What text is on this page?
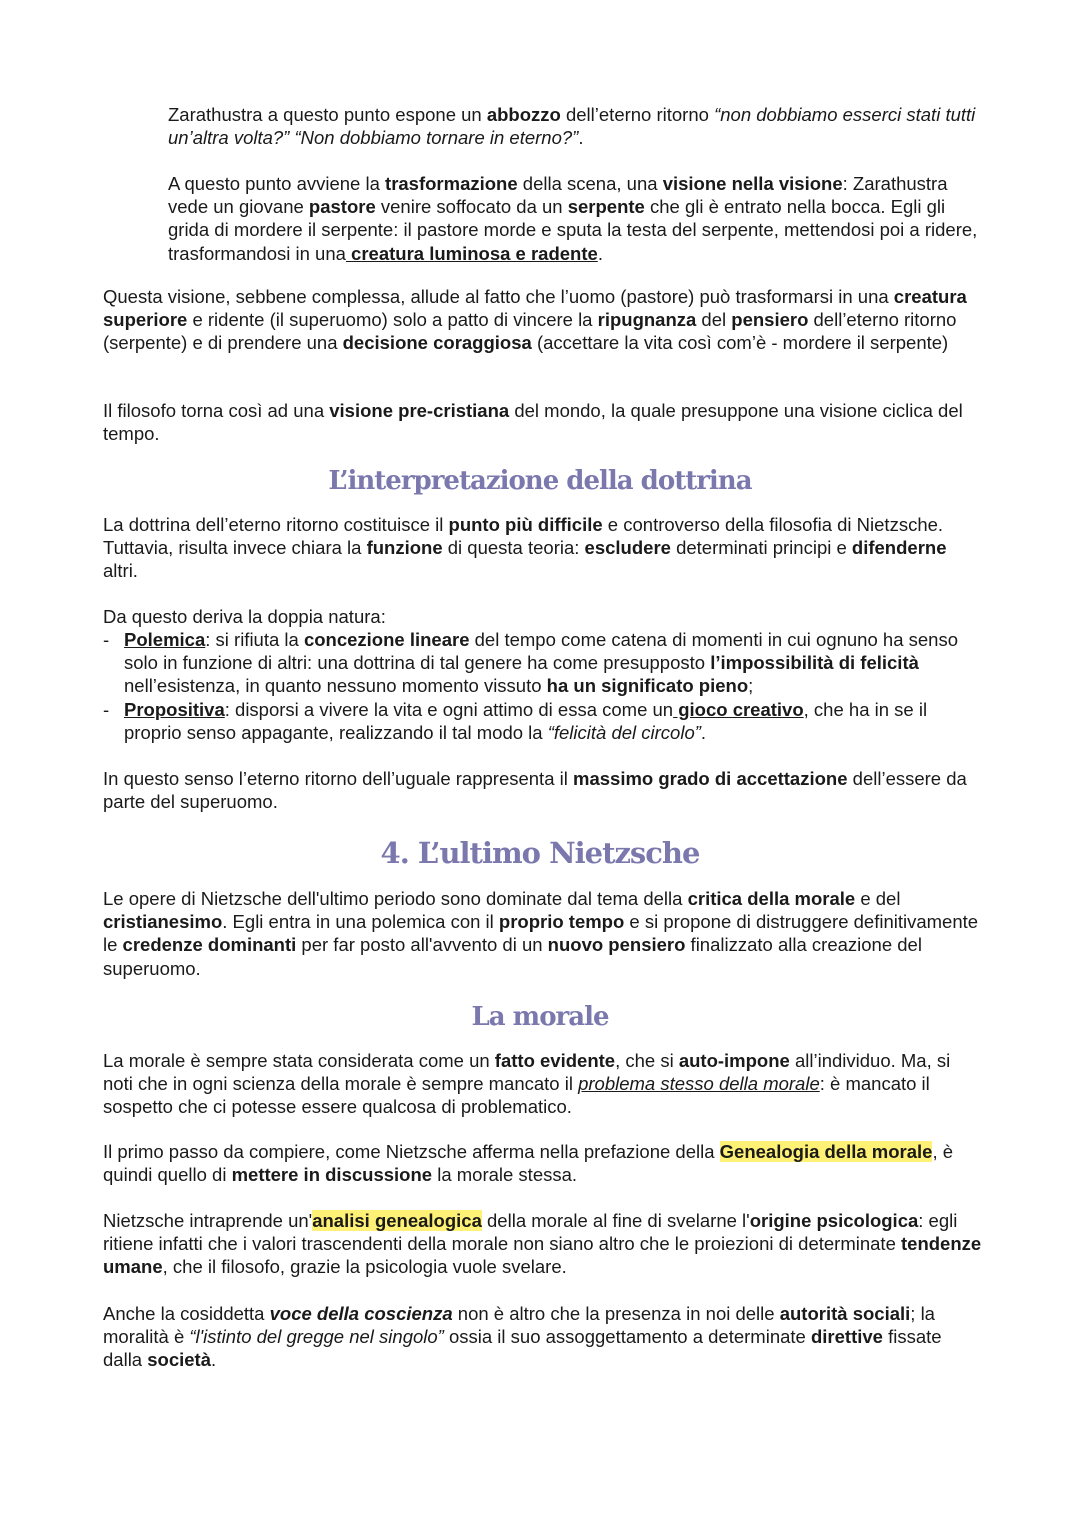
Zarathustra a questo punto espone un abbozzo dell’eterno ritorno “non dobbiamo esserci stati tutti un’altra volta?” “Non dobbiamo tornare in eterno?”.

A questo punto avviene la trasformazione della scena, una visione nella visione: Zarathustra vede un giovane pastore venire soffocato da un serpente che gli è entrato nella bocca. Egli gli grida di mordere il serpente: il pastore morde e sputa la testa del serpente, mettendosi poi a ridere, trasformandosi in una creatura luminosa e radente.

Questa visione, sebbene complessa, allude al fatto che l’uomo (pastore) può trasformarsi in una creatura superiore e ridente (il superuomo) solo a patto di vincere la ripugnanza del pensiero dell’eterno ritorno (serpente) e di prendere una decisione coraggiosa (accettare la vita così com’è - mordere il serpente)

Il filosofo torna così ad una visione pre-cristiana del mondo, la quale presuppone una visione ciclica del tempo.

L’interpretazione della dottrina

La dottrina dell’eterno ritorno costituisce il punto più difficile e controverso della filosofia di Nietzsche. Tuttavia, risulta invece chiara la funzione di questa teoria: escludere determinati principi e difenderne altri.

Da questo deriva la doppia natura:

- Polemica: si rifiuta la concezione lineare del tempo come catena di momenti in cui ognuno ha senso solo in funzione di altri: una dottrina di tal genere ha come presupposto l’impossibilità di felicità nell’esistenza, in quanto nessuno momento vissuto ha un significato pieno;
- Propositiva: disporsi a vivere la vita e ogni attimo di essa come un gioco creativo, che ha in se il proprio senso appagante, realizzando il tal modo la “felicità del circolo”.

In questo senso l’eterno ritorno dell’uguale rappresenta il massimo grado di accettazione dell’essere da parte del superuomo.

4. L’ultimo Nietzsche

Le opere di Nietzsche dell'ultimo periodo sono dominate dal tema della critica della morale e del cristianesimo. Egli entra in una polemica con il proprio tempo e si propone di distruggere definitivamente le credenze dominanti per far posto all'avvento di un nuovo pensiero finalizzato alla creazione del superuomo.

La morale

La morale è sempre stata considerata come un fatto evidente, che si auto-impone all’individuo. Ma, si noti che in ogni scienza della morale è sempre mancato il problema stesso della morale: è mancato il sospetto che ci potesse essere qualcosa di problematico.

Il primo passo da compiere, come Nietzsche afferma nella prefazione della Genealogia della morale, è quindi quello di mettere in discussione la morale stessa.

Nietzsche intraprende un'analisi genealogica della morale al fine di svelarne l'origine psicologica: egli ritiene infatti che i valori trascendenti della morale non siano altro che le proiezioni di determinate tendenze umane, che il filosofo, grazie la psicologia vuole svelare.

Anche la cosiddetta voce della coscienza non è altro che la presenza in noi delle autorità sociali; la moralità è “l'istinto del gregge nel singolo” ossia il suo assoggettamento a determinate direttive fissate dalla società.
